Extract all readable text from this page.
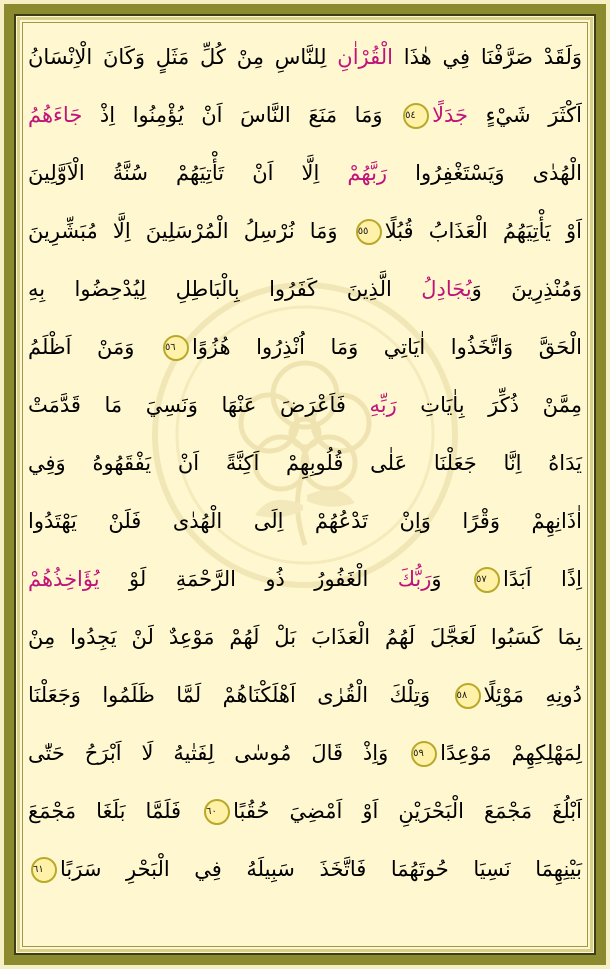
وَلَقَدْ صَرَّفْنَا فِي هٰذَا الْقُرْاٰنِ لِلنَّاسِ مِنْ كُلِّ مَثَلٍ وَكَانَ الْاِنْسَانُ
اَكْثَرَ شَيْءٍ جَدَلًا٥٤ وَمَا مَنَعَ النَّاسَ اَنْ يُؤْمِنُوا اِذْ جَاءَهُمُ
الْهُدٰى وَيَسْتَغْفِرُوا رَبَّهُمْ اِلَّا اَنْ تَأْتِيَهُمْ سُنَّةُ الْاَوَّلِينَ
اَوْ يَأْتِيَهُمُ الْعَذَابُ قُبُلًا٥٥ وَمَا نُرْسِلُ الْمُرْسَلِينَ اِلَّا مُبَشِّرِينَ
وَمُنْذِرِينَ وَيُجَادِلُ الَّذِينَ كَفَرُوا بِالْبَاطِلِ لِيُدْحِضُوا بِهِ
الْحَقَّ وَاتَّخَذُوا اٰيَاتِي وَمَا اُنْذِرُوا هُزُوًا٥٦ وَمَنْ اَظْلَمُ
مِمَّنْ ذُكِّرَ بِاٰيَاتِ رَبِّهِ فَاَعْرَضَ عَنْهَا وَنَسِيَ مَا قَدَّمَتْ
يَدَاهُ اِنَّا جَعَلْنَا عَلٰى قُلُوبِهِمْ اَكِنَّةً اَنْ يَفْقَهُوهُ وَفِي
اٰذَانِهِمْ وَقْرًا وَاِنْ تَدْعُهُمْ اِلَى الْهُدٰى فَلَنْ يَهْتَدُوا
اِذًا اَبَدًا٥٧ وَرَبُّكَ الْغَفُورُ ذُو الرَّحْمَةِ لَوْ يُؤَاخِذُهُمْ
بِمَا كَسَبُوا لَعَجَّلَ لَهُمُ الْعَذَابَ بَلْ لَهُمْ مَوْعِدٌ لَنْ يَجِدُوا مِنْ
دُونِهِ مَوْئِلًا٥٨ وَتِلْكَ الْقُرٰى اَهْلَكْنَاهُمْ لَمَّا ظَلَمُوا وَجَعَلْنَا
لِمَهْلِكِهِمْ مَوْعِدًا٥٩ وَاِذْ قَالَ مُوسٰى لِفَتٰيهُ لَا اَبْرَحُ حَتّٰى
اَبْلُغَ مَجْمَعَ الْبَحْرَيْنِ اَوْ اَمْضِيَ حُقُبًا٦٠ فَلَمَّا بَلَغَا مَجْمَعَ
بَيْنِهِمَا نَسِيَا حُوتَهُمَا فَاتَّخَذَ سَبِيلَهُ فِي الْبَحْرِ سَرَبًا٦١
